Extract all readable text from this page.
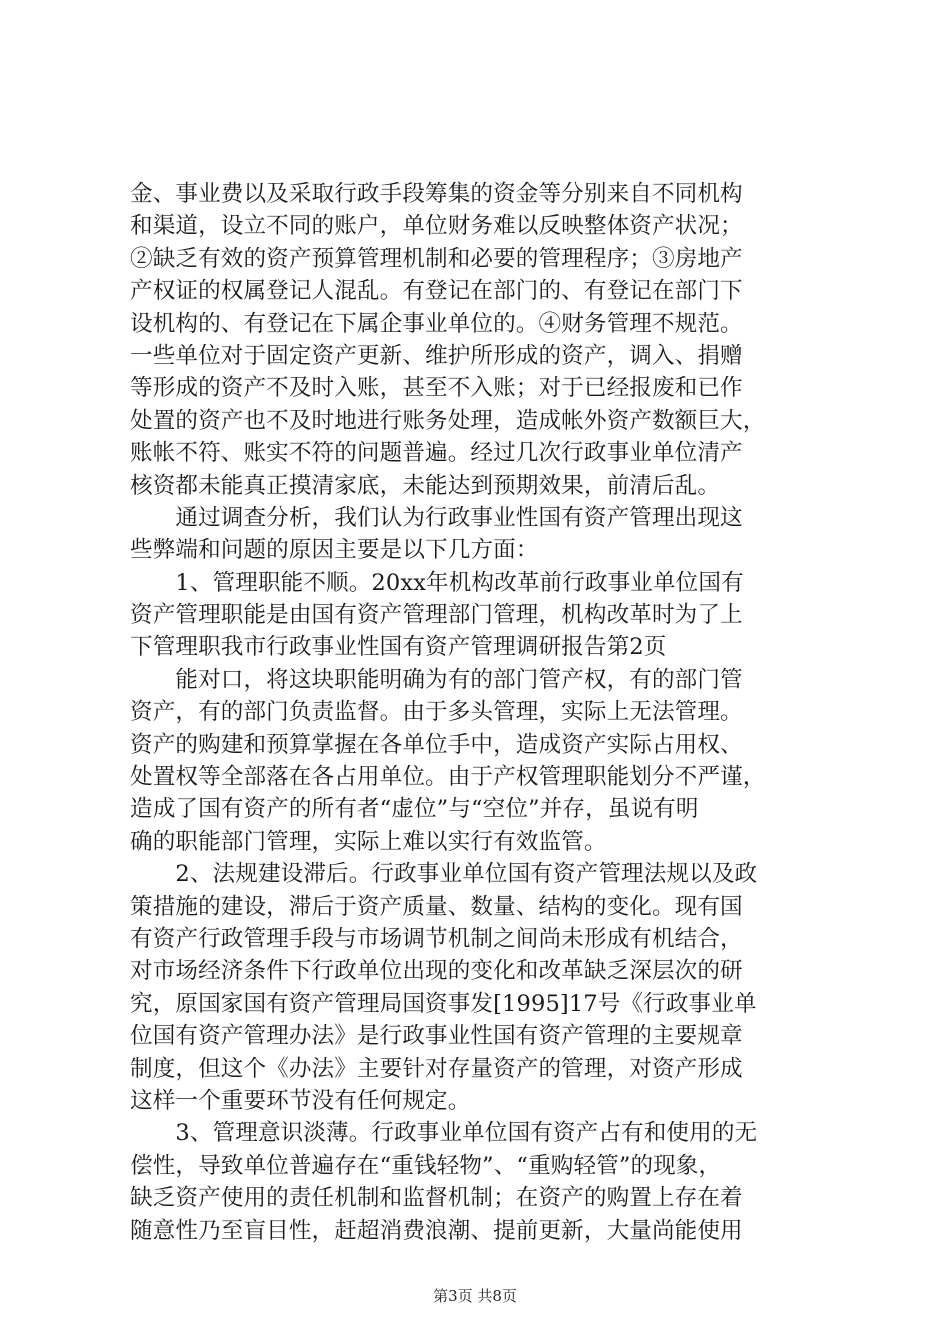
金、事业费以及采取行政手段筹集的资金等分别来自不同机构
和渠道，设立不同的账户，单位财务难以反映整体资产状况；
②缺乏有效的资产预算管理机制和必要的管理程序；③房地产
产权证的权属登记人混乱。有登记在部门的、有登记在部门下
设机构的、有登记在下属企事业单位的。④财务管理不规范。
一些单位对于固定资产更新、维护所形成的资产，调入、捐赠
等形成的资产不及时入账，甚至不入账；对于已经报废和已作
处置的资产也不及时地进行账务处理，造成帐外资产数额巨大，
账帐不符、账实不符的问题普遍。经过几次行政事业单位清产
核资都未能真正摸清家底，未能达到预期效果，前清后乱。
　　通过调查分析，我们认为行政事业性国有资产管理出现这
些弊端和问题的原因主要是以下几方面：
　　1、管理职能不顺。20xx年机构改革前行政事业单位国有
资产管理职能是由国有资产管理部门管理，机构改革时为了上
下管理职我市行政事业性国有资产管理调研报告第2页
　　能对口，将这块职能明确为有的部门管产权，有的部门管
资产，有的部门负责监督。由于多头管理，实际上无法管理。
资产的购建和预算掌握在各单位手中，造成资产实际占用权、
处置权等全部落在各占用单位。由于产权管理职能划分不严谨，
造成了国有资产的所有者“虚位”与“空位”并存，虽说有明
确的职能部门管理，实际上难以实行有效监管。
　　2、法规建设滞后。行政事业单位国有资产管理法规以及政
策措施的建设，滞后于资产质量、数量、结构的变化。现有国
有资产行政管理手段与市场调节机制之间尚未形成有机结合，
对市场经济条件下行政单位出现的变化和改革缺乏深层次的研
究，原国家国有资产管理局国资事发[1995]17号《行政事业单
位国有资产管理办法》是行政事业性国有资产管理的主要规章
制度，但这个《办法》主要针对存量资产的管理，对资产形成
这样一个重要环节没有任何规定。
　　3、管理意识淡薄。行政事业单位国有资产占有和使用的无
偿性，导致单位普遍存在“重钱轻物”、“重购轻管”的现象，
缺乏资产使用的责任机制和监督机制；在资产的购置上存在着
随意性乃至盲目性，赶超消费浪潮、提前更新，大量尚能使用
第3页 共8页
